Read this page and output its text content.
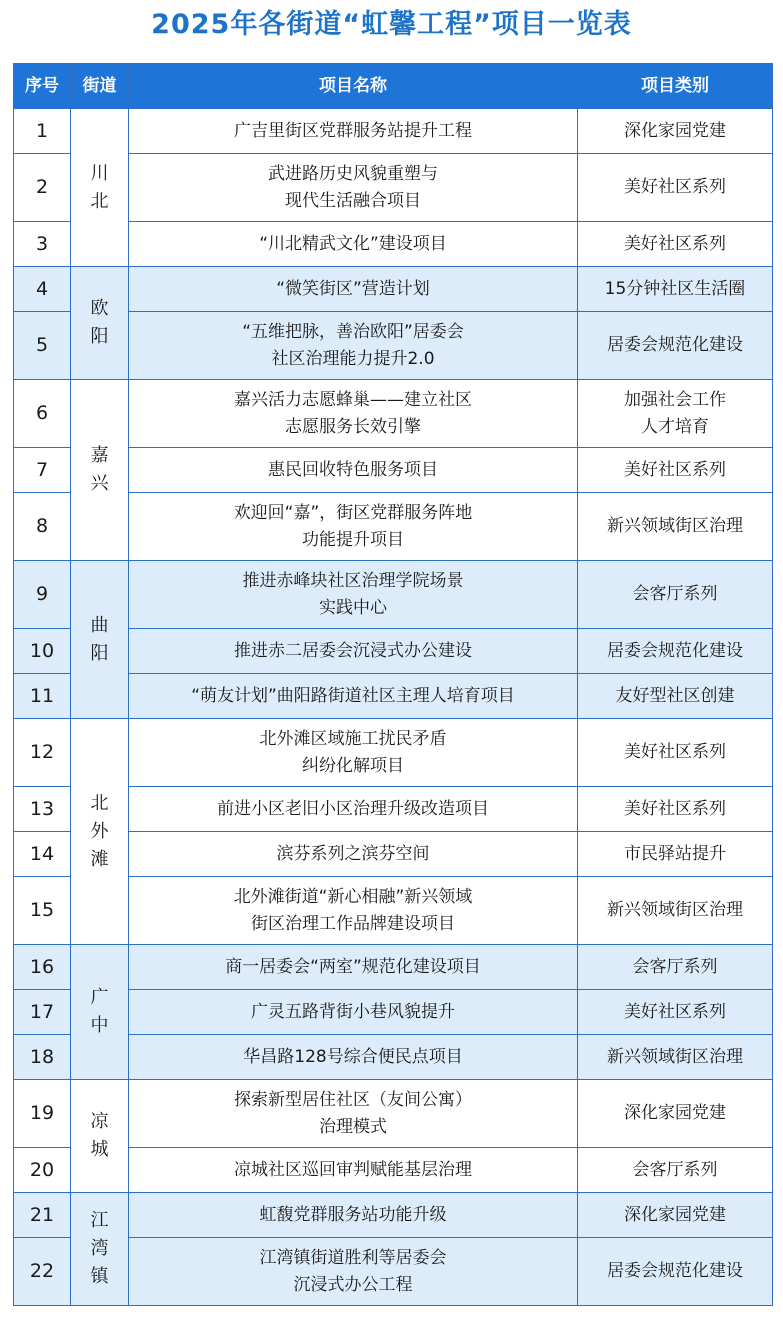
2025年各街道“虹馨工程”项目一览表
序号	街道	项目名称	项目类别
1	川北	广吉里街区党群服务站提升工程	深化家园党建
2		武进路历史风貌重塑与
现代生活融合项目	美好社区系列
3		“川北精武文化”建设项目	美好社区系列
4	欧阳	“微笑街区”营造计划	15分钟社区生活圈
5		“五维把脉，善治欧阳”居委会
社区治理能力提升2.0	居委会规范化建设
6	嘉兴	嘉兴活力志愿蜂巢——建立社区
志愿服务长效引擎	加强社会工作
人才培育
7		惠民回收特色服务项目	美好社区系列
8		欢迎回“嘉”，街区党群服务阵地
功能提升项目	新兴领域街区治理
9	曲阳	推进赤峰块社区治理学院场景
实践中心	会客厅系列
10		推进赤二居委会沉浸式办公建设	居委会规范化建设
11		“萌友计划”曲阳路街道社区主理人培育项目	友好型社区创建
12	北外滩	北外滩区域施工扰民矛盾
纠纷化解项目	美好社区系列
13		前进小区老旧小区治理升级改造项目	美好社区系列
14		滨芬系列之滨芬空间	市民驿站提升
15		北外滩街道“新心相融”新兴领域
街区治理工作品牌建设项目	新兴领域街区治理
16	广中	商一居委会“两室”规范化建设项目	会客厅系列
17		广灵五路背街小巷风貌提升	美好社区系列
18		华昌路128号综合便民点项目	新兴领域街区治理
19	凉城	探索新型居住社区（友间公寓）
治理模式	深化家园党建
20		凉城社区巡回审判赋能基层治理	会客厅系列
21	江湾镇	虹馥党群服务站功能升级	深化家园党建
22		江湾镇街道胜利等居委会
沉浸式办公工程	居委会规范化建设
